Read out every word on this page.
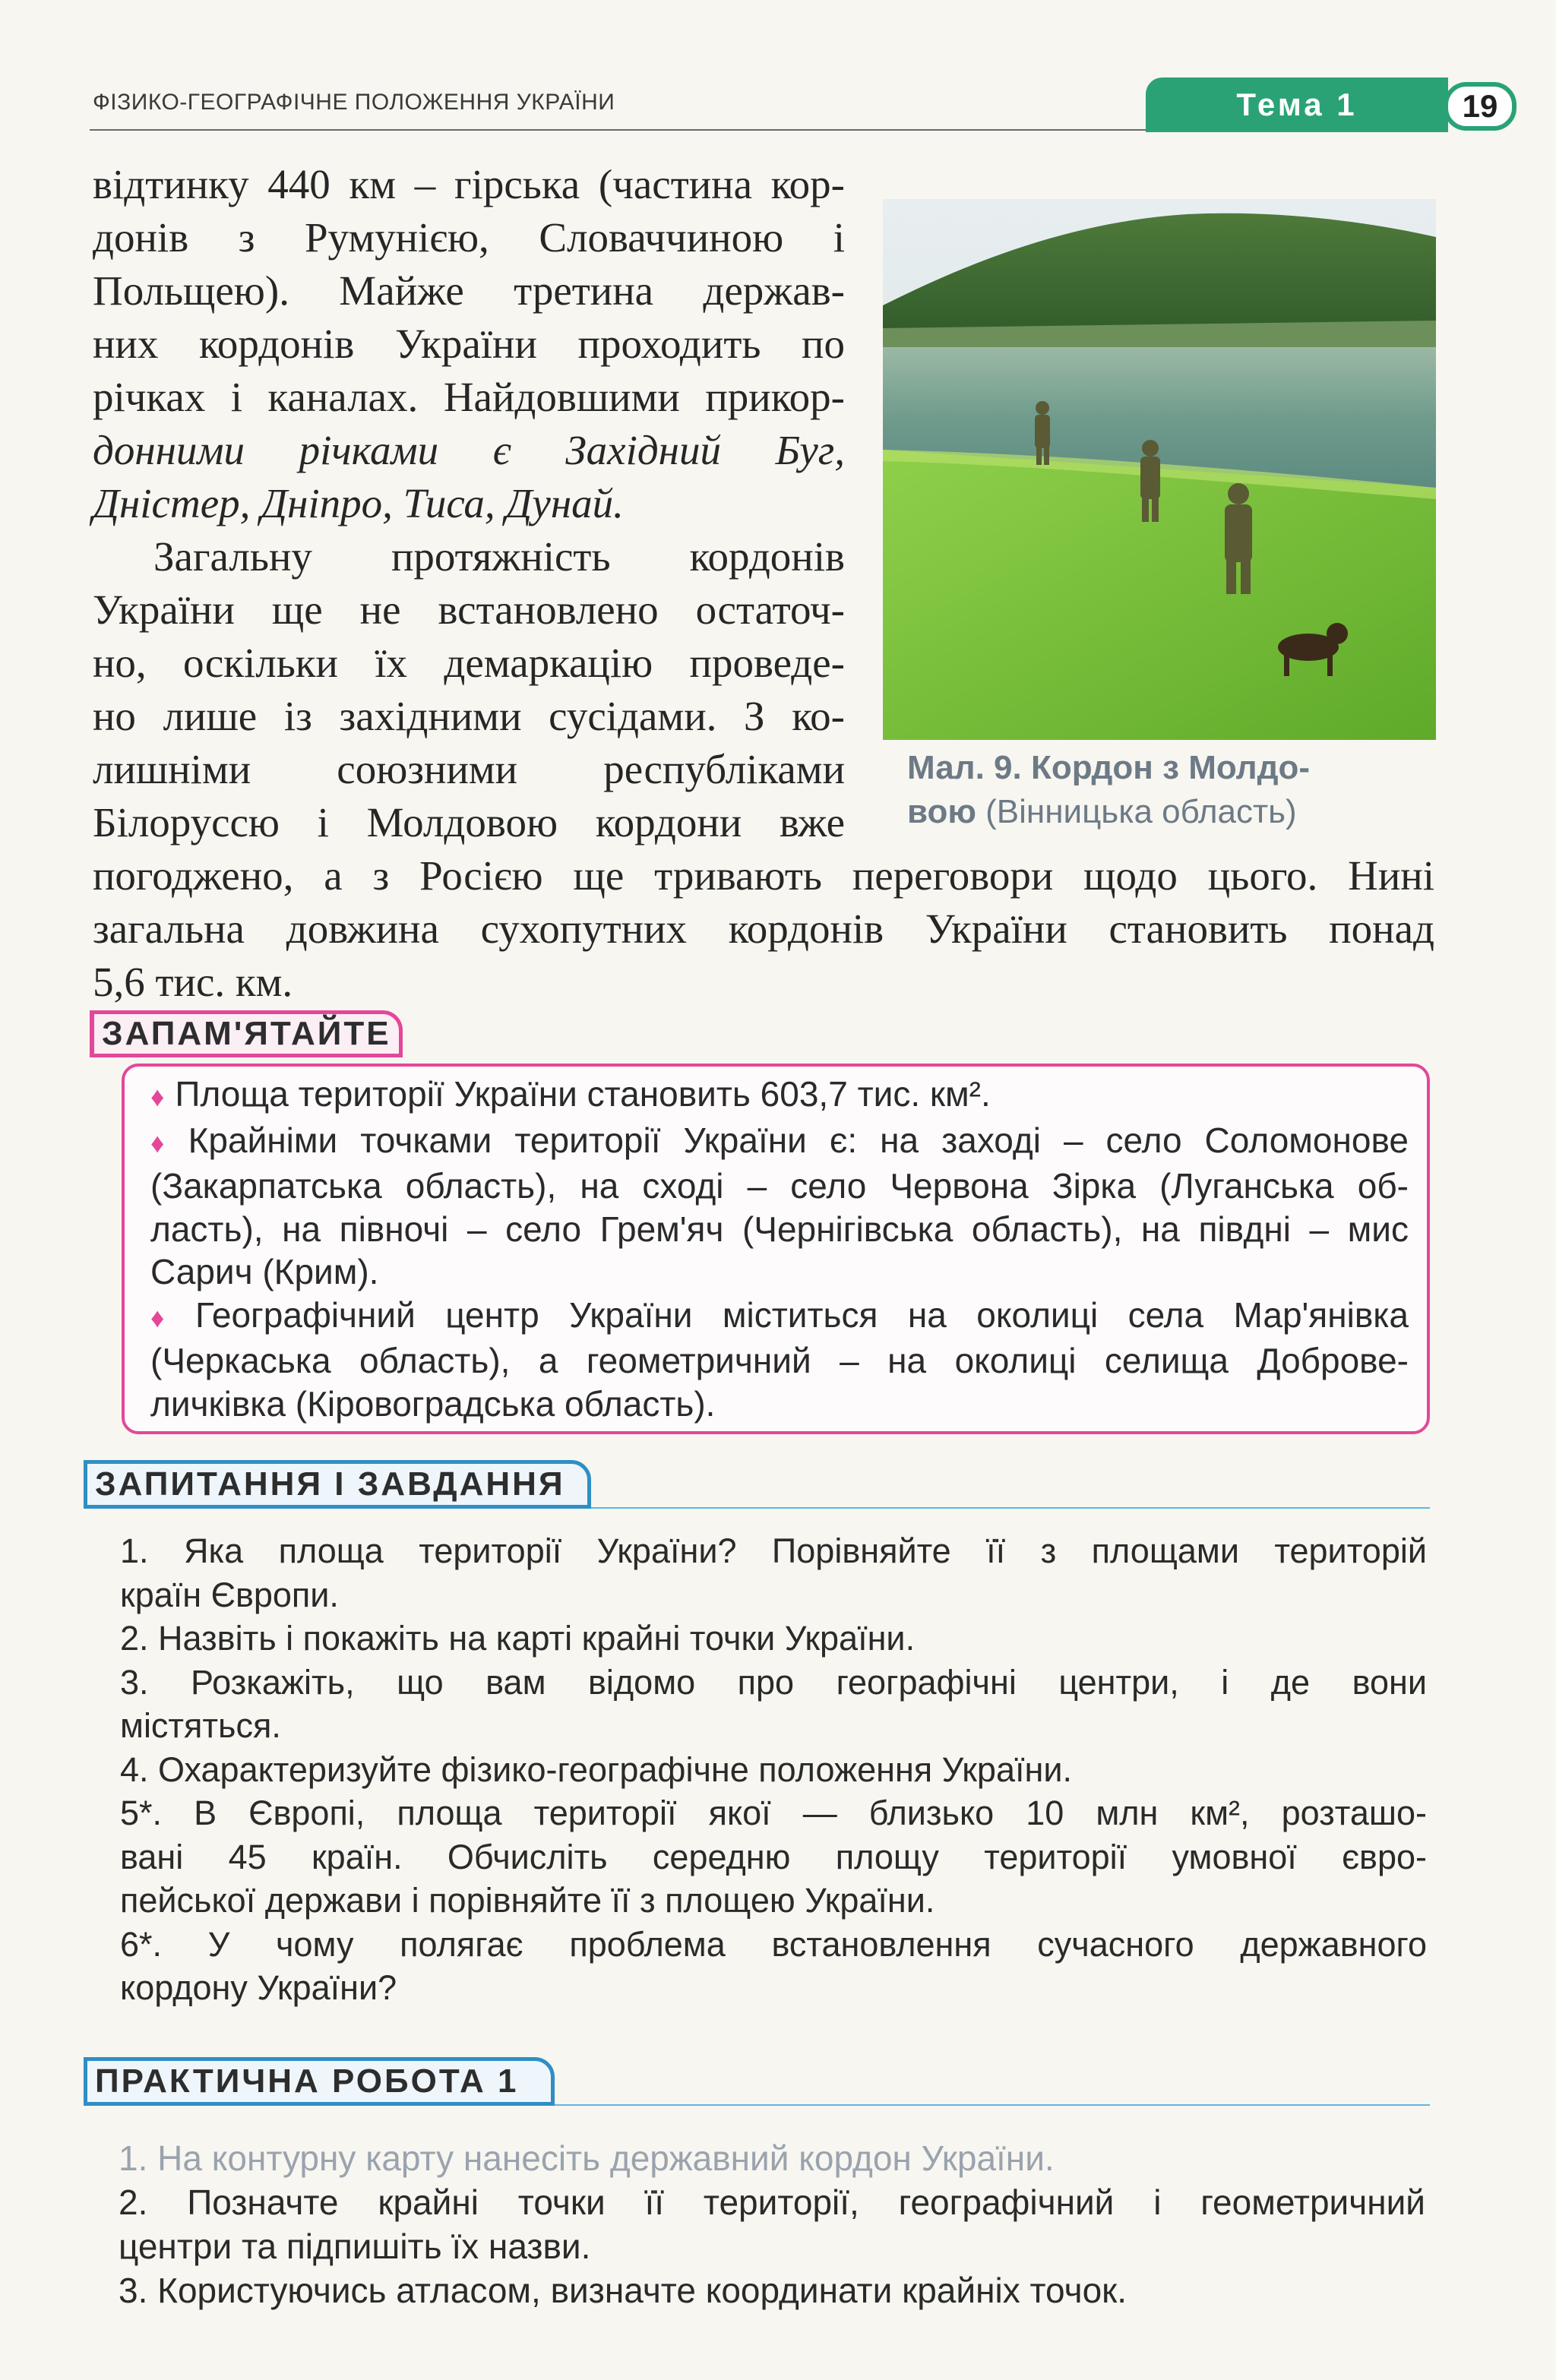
ФІЗИКО-ГЕОГРАФІЧНЕ ПОЛОЖЕННЯ УКРАЇНИ	Тема 1	19
відтинку 440 км – гірська (частина кор-
донів з Румунією, Словаччиною і
Польщею). Майже третина держав-
них кордонів України проходить по
річках і каналах. Найдовшими прикор-
донними річками є Західний Буг,
Дністер, Дніпро, Тиса, Дунай.
Загальну протяжність кордонів
України ще не встановлено остаточ-
но, оскільки їх демаркацію проведе-
но лише із західними сусідами. З ко-
лишніми союзними республіками
Білоруссю і Молдовою кордони вже
Мал. 9. Кордон з Молдо-
вою (Вінницька область)
погоджено, а з Росією ще тривають переговори щодо цього. Нині
загальна довжина сухопутних кордонів України становить понад
5,6 тис. км.
ЗАПАМ'ЯТАЙТЕ
♦ Площа території України становить 603,7 тис. км².
♦ Крайніми точками території України є: на заході – село Соломонове
(Закарпатська область), на сході – село Червона Зірка (Луганська об-
ласть), на півночі – село Грем'яч (Чернігівська область), на півдні – мис
Сарич (Крим).
♦ Географічний центр України міститься на околиці села Мар'янівка
(Черкаська область), а геометричний – на околиці селища Доброве-
личківка (Кіровоградська область).
ЗАПИТАННЯ І ЗАВДАННЯ
1. Яка площа території України? Порівняйте її з площами територій
країн Європи.
2. Назвіть і покажіть на карті крайні точки України.
3. Розкажіть, що вам відомо про географічні центри, і де вони
містяться.
4. Охарактеризуйте фізико-географічне положення України.
5*. В Європі, площа території якої — близько 10 млн км², розташо-
вані 45 країн. Обчисліть середню площу території умовної євро-
пейської держави і порівняйте її з площею України.
6*. У чому полягає проблема встановлення сучасного державного
кордону України?
ПРАКТИЧНА РОБОТА 1
1. На контурну карту нанесіть державний кордон України.
2. Позначте крайні точки її території, географічний і геометричний
центри та підпишіть їх назви.
3. Користуючись атласом, визначте координати крайніх точок.
